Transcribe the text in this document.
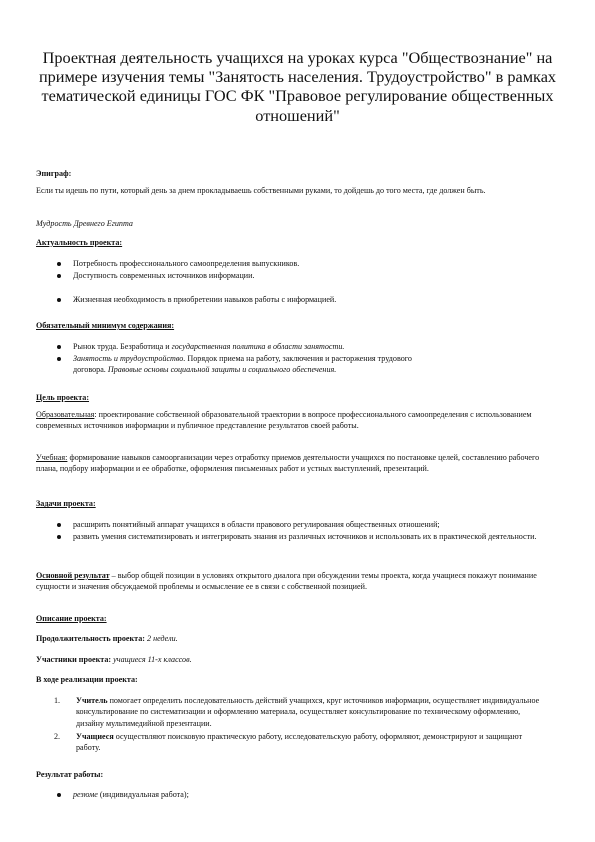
Проектная деятельность учащихся на уроках курса "Обществознание" на примере изучения темы "Занятость населения. Трудоустройство" в рамках тематической единицы ГОС ФК "Правовое регулирование общественных отношений"
Эпиграф:
Если ты идешь по пути, который день за днем прокладываешь собственными руками, то дойдешь до того места, где должен быть.
Мудрость Древнего Египта
Актуальность проекта:
Потребность профессионального самоопределения выпускников.
Доступность современных источников информации.
Жизненная необходимость в приобретении навыков работы с информацией.
Обязательный минимум содержания:
Рынок труда. Безработица и государственная политика в области занятости.
Занятость и трудоустройство. Порядок приема на работу, заключения и расторжения трудового
договора. Правовые основы социальной защиты и социального обеспечения.
Цель проекта:
Образовательная: проектирование собственной образовательной траектории в вопросе профессионального самоопределения с использованием современных источников информации и публичное представление результатов своей работы.
Учебная: формирование навыков самоорганизации через отработку приемов деятельности учащихся по постановке целей, составлению рабочего плана, подбору информации и ее обработке, оформления письменных работ и устных выступлений, презентаций.
Задачи проекта:
расширить понятийный аппарат учащихся в области правового регулирования общественных отношений;
развить умения систематизировать и интегрировать знания из различных источников и использовать их в практической деятельности.
Основной результат – выбор общей позиции в условиях открытого диалога при обсуждении темы проекта, когда учащиеся покажут понимание сущности и значения обсуждаемой проблемы и осмысление ее в связи с собственной позицией.
Описание проекта:
Продолжительность проекта: 2 недели.
Участники проекта: учащиеся 11-х классов.
В ходе реализации проекта:
1. Учитель помогает определить последовательность действий учащихся, круг источников информации, осуществляет индивидуальное консультирование по систематизации и оформлению материала, осуществляет консультирование по техническому оформлению, дизайну мультимедийной презентации.
2. Учащиеся осуществляют поисковую практическую работу, исследовательскую работу, оформляют, демонстрируют и защищают работу.
Результат работы:
резюме (индивидуальная работа);
